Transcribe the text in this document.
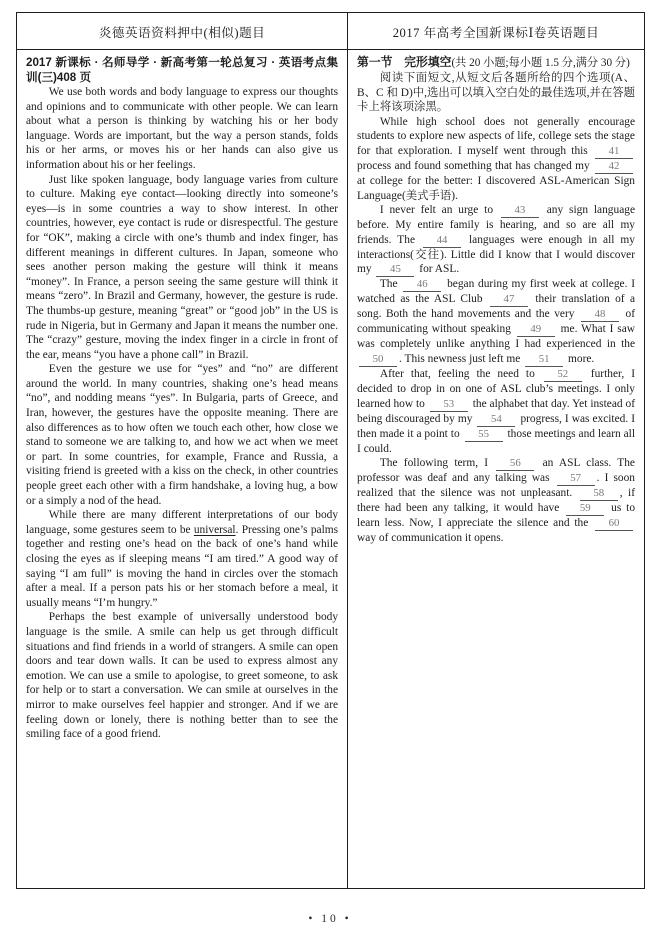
炎德英语资料押中(相似)题目	2017 年高考全国新课标Ⅰ卷英语题目

2017 新课标 · 名师导学 · 新高考第一轮总复习 · 英语考点集训(三)408 页

We use both words and body language to express our thoughts and opinions and to communicate with other people. We can learn about what a person is thinking by watching his or her body language. Words are important, but the way a person stands, folds his or her arms, or moves his or her hands can also give us information about his or her feelings.

Just like spoken language, body language varies from culture to culture. Making eye contact—looking directly into someone’s eyes—is in some countries a way to show interest. In other countries, however, eye contact is rude or disrespectful. The gesture for “OK”, making a circle with one’s thumb and index finger, has different meanings in different cultures. In Japan, someone who sees another person making the gesture will think it means “money”. In France, a person seeing the same gesture will think it means “zero”. In Brazil and Germany, however, the gesture is rude. The thumbs-up gesture, meaning “great” or “good job” in the US is rude in Nigeria, but in Germany and Japan it means the number one. The “crazy” gesture, moving the index finger in a circle in front of the ear, means “you have a phone call” in Brazil.

Even the gesture we use for “yes” and “no” are different around the world. In many countries, shaking one’s head means “no”, and nodding means “yes”. In Bulgaria, parts of Greece, and Iran, however, the gestures have the opposite meaning. There are also differences as to how often we touch each other, how close we stand to someone we are talking to, and how we act when we meet or part. In some countries, for example, France and Russia, a visiting friend is greeted with a kiss on the check, in other countries people greet each other with a firm handshake, a loving hug, a bow or a simply a nod of the head.

While there are many different interpretations of our body language, some gestures seem to be universal. Pressing one’s palms together and resting one’s head on the back of one’s hand while closing the eyes as if sleeping means “I am tired.” A good way of saying “I am full” is moving the hand in circles over the stomach after a meal. If a person pats his or her stomach before a meal, it usually means “I’m hungry.”

Perhaps the best example of universally understood body language is the smile. A smile can help us get through difficult situations and find friends in a world of strangers. A smile can open doors and tear down walls. It can be used to express almost any emotion. We can use a smile to apologise, to greet someone, to ask for help or to start a conversation. We can smile at ourselves in the mirror to make ourselves feel happier and stronger. And if we are feeling down or lonely, there is nothing better than to see the smiling face of a good friend.

第一节　完形填空(共 20 小题;每小题 1.5 分,满分 30 分)

阅读下面短文,从短文后各题所给的四个选项(A、B、C 和 D)中,选出可以填入空白处的最佳选项,并在答题卡上将该项涂黑。

While high school does not generally encourage students to explore new aspects of life, college sets the stage for that exploration. I myself went through this 41 process and found something that has changed my 42 at college for the better: I discovered ASL-American Sign Language(美式手语).

I never felt an urge to 43 any sign language before. My entire family is hearing, and so are all my friends. The 44 languages were enough in all my interactions(交往). Little did I know that I would discover my 45 for ASL.

The 46 began during my first week at college. I watched as the ASL Club 47 their translation of a song. Both the hand movements and the very 48 of communicating without speaking 49 me. What I saw was completely unlike anything I had experienced in the 50 . This newness just left me 51 more.

After that, feeling the need to 52 further, I decided to drop in on one of ASL club’s meetings. I only learned how to 53 the alphabet that day. Yet instead of being discouraged by my 54 progress, I was excited. I then made it a point to 55 those meetings and learn all I could.

The following term, I 56 an ASL class. The professor was deaf and any talking was 57 . I soon realized that the silence was not unpleasant. 58 , if there had been any talking, it would have 59 us to learn less. Now, I appreciate the silence and the 60 way of communication it opens.

• 10 •
